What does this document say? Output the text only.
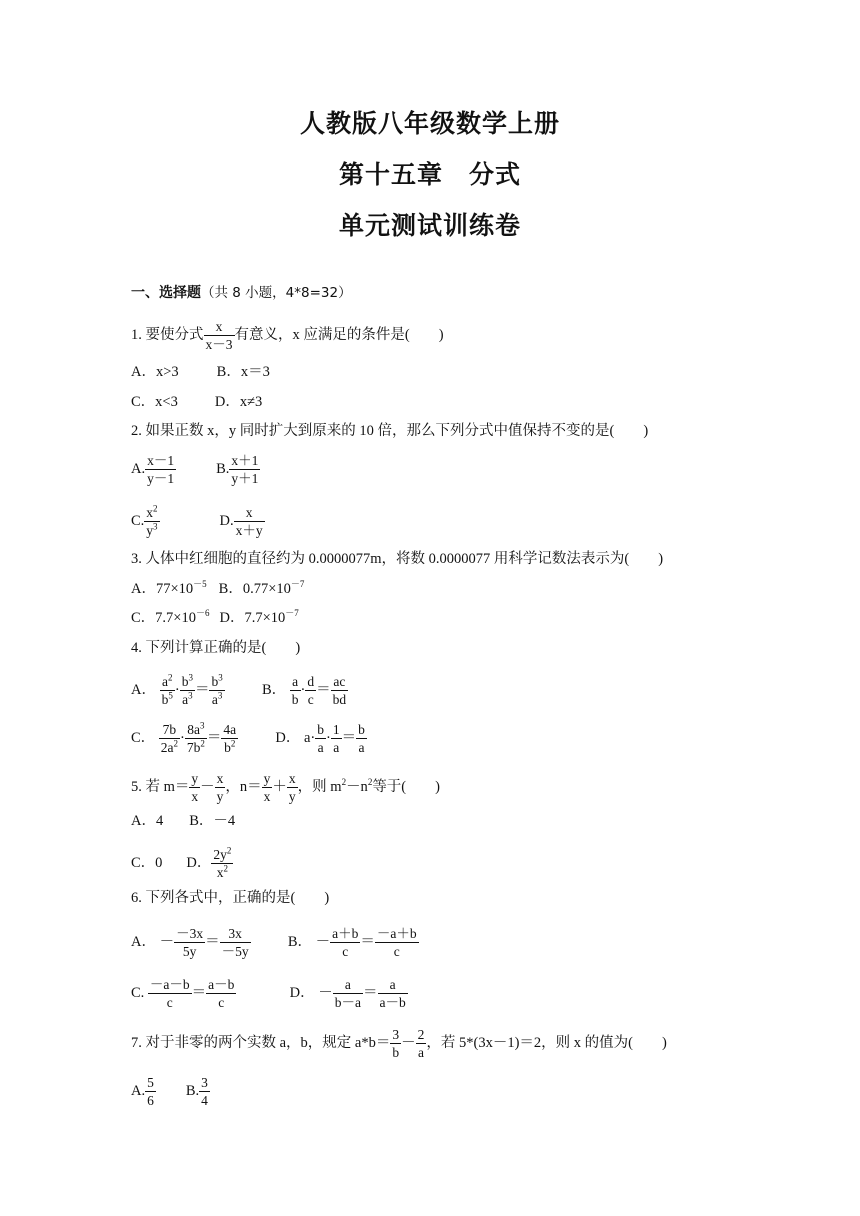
人教版八年级数学上册
第十五章　分式
单元测试训练卷
一、选择题（共 8 小题，4*8=32）
1. 要使分式 $\frac{x}{x-3}$ 有意义，x 应满足的条件是(　　)
A．x>3	B．x＝3
C．x<3	D．x≠3
2. 如果正数 x，y 同时扩大到原来的 10 倍，那么下列分式中值保持不变的是(　　)
A. $\frac{x-1}{y-1}$	B. $\frac{x+1}{y+1}$
C. $\frac{x^2}{y^3}$	D. $\frac{x}{x+y}$
3. 人体中红细胞的直径约为 0.0000077m，将数 0.0000077 用科学记数法表示为(　　)
A．$77\times 10^{-5}$ B．$0.77\times 10^{-7}$
C．$7.7\times 10^{-6}$ D．$7.7\times 10^{-7}$
4. 下列计算正确的是(　　)
A． $\frac{a^2}{b^5} \cdot \frac{b^3}{a^3} = \frac{b^3}{a^3}$	B． $\frac{a}{b} \cdot \frac{d}{c} = \frac{ac}{bd}$
C． $\frac{7b}{2a^2} \cdot \frac{8a^3}{7b^2} = \frac{4a}{b^2}$	D． $a\cdot \frac{b}{a} \cdot \frac{1}{a} = \frac{b}{a}$
5. 若 $m= \frac{y}{x} - \frac{x}{y}$ ，$n= \frac{y}{x} + \frac{x}{y}$ ，则 $m^2-n^2$等于(　　)
A．4 B．－4
C．0 D． $\frac{2y^2}{x^2}$
6. 下列各式中，正确的是(　　)
A． － $\frac{-3x}{5y} = \frac{3x}{-5y}$	B． － $\frac{a+b}{c} = \frac{-a+b}{c}$
C. $\frac{-a-b}{c} = \frac{a-b}{c}$	D． － $\frac{a}{b-a} = \frac{a}{a-b}$
7. 对于非零的两个实数 a，b，规定 $a*b= \frac{3}{b} - \frac{2}{a}$ ，若 5*(3x－1)＝2，则 x 的值为(　　)
A. $\frac{5}{6} B$. $\frac{3}{4}$
